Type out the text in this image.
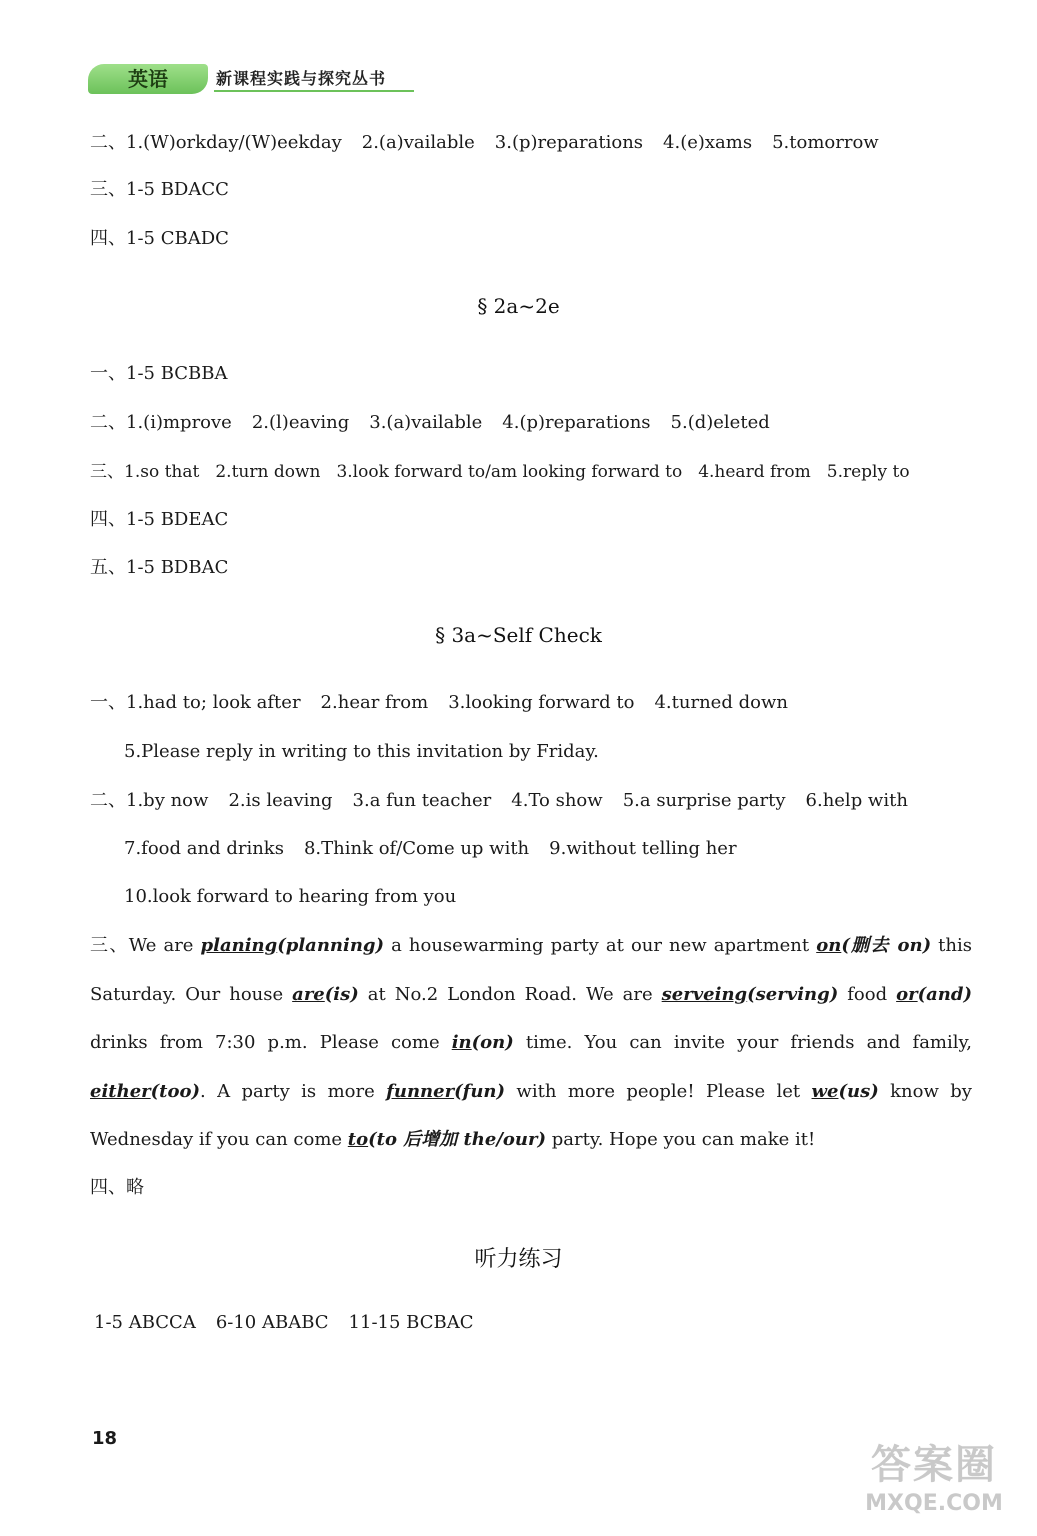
英语	新课程实践与探究丛书
二、1.(W)orkday/(W)eekday 2.(a)vailable 3.(p)reparations 4.(e)xams 5.tomorrow
三、1-5 BDACC
四、1-5 CBADC
§ 2a~2e
一、1-5 BCBBA
二、1.(i)mprove 2.(l)eaving 3.(a)vailable 4.(p)reparations 5.(d)eleted
三、1.so that 2.turn down 3.look forward to/am looking forward to 4.heard from 5.reply to
四、1-5 BDEAC
五、1-5 BDBAC
§ 3a~Self Check
一、1.had to; look after 2.hear from 3.looking forward to 4.turned down
5.Please reply in writing to this invitation by Friday.
二、1.by now 2.is leaving 3.a fun teacher 4.To show 5.a surprise party 6.help with
7.food and drinks 8.Think of/Come up with 9.without telling her
10.look forward to hearing from you
三、We are planing(planning) a housewarming party at our new apartment on(删去 on) this Saturday. Our house are(is) at No.2 London Road. We are serveing(serving) food or(and) drinks from 7:30 p.m. Please come in(on) time. You can invite your friends and family, either(too). A party is more funner(fun) with more people! Please let we(us) know by Wednesday if you can come to(to 后增加 the/our) party. Hope you can make it!
四、略
听力练习
1-5 ABCCA 6-10 ABABC 11-15 BCBAC
18
答案圈
MXQE.COM
